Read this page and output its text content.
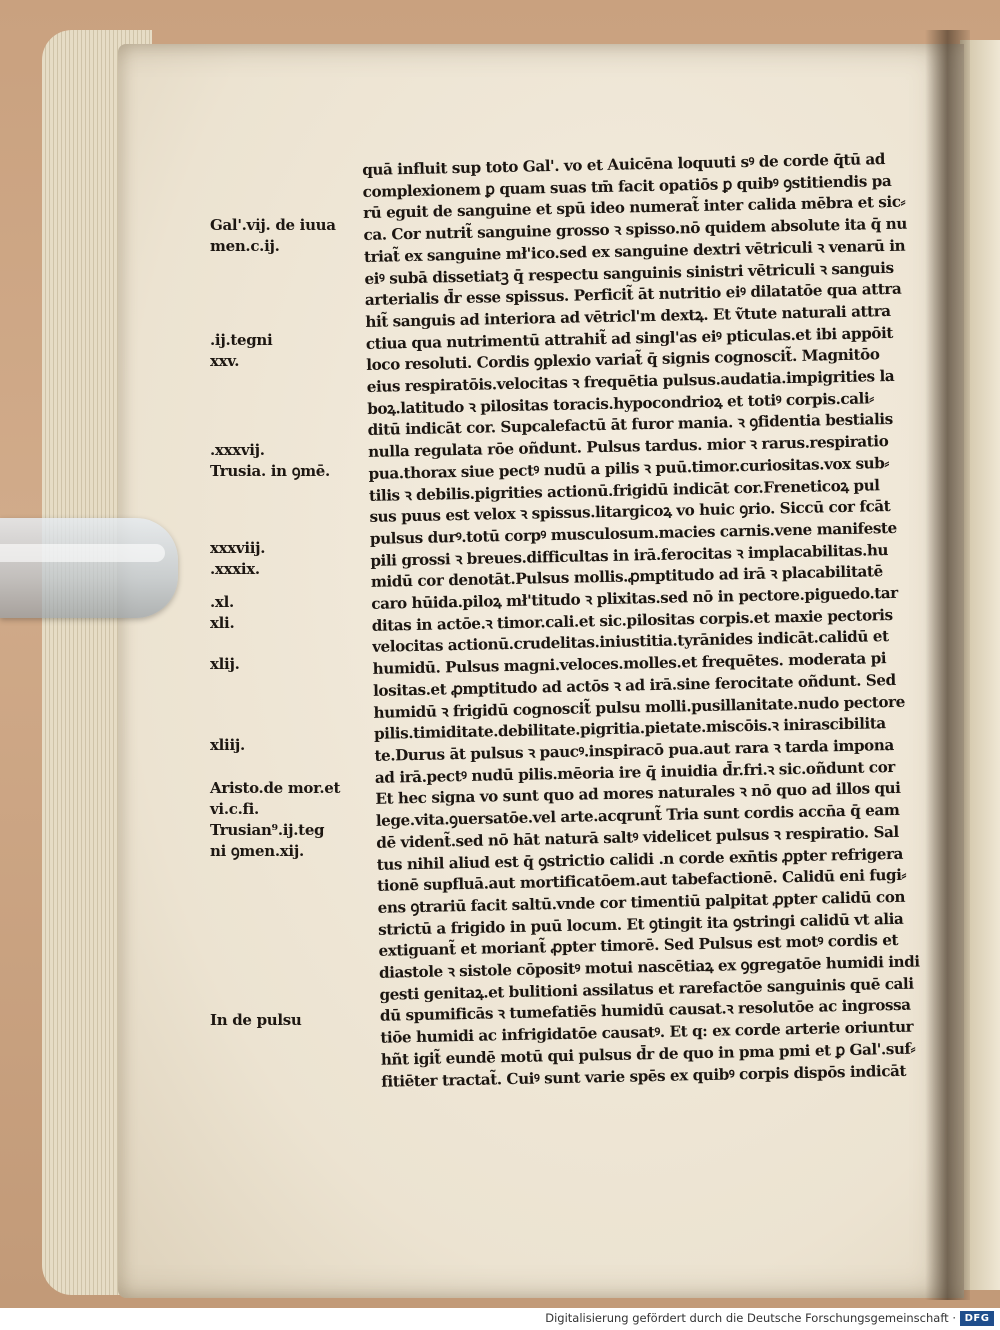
Gal'.vi̇j. de iuua
men.c.ij.
.ij.tegni
xxv.
.xxxvij.
Trusia. in ꝯmē.
xxxviij.
.xxxix.
.xl.
xli.
xlij.
xliij.
Aristo.de mor.et
vi.c.fi.
Trusian⁹.ij.teg
ni ꝯmen.xij.
In de pulsu
quā influit sup toto Gal'. vo et Auicēna loquuti sꝰ de corde q̄tū ad
complexionem ꝑ quam suas tm̄ facit opatiōs ꝑ quibꝰ ꝯstitiendis pa
rū eguit de sanguine et spū ideo numerat̃ inter calida mēbra et sic⸗
ca. Cor nutrit̃ sanguine grosso ꝛ spisso.nō quidem absolute ita q̄ nu
triat̃ ex sanguine mł'ico.sed ex sanguine dextri vētriculi ꝛ venarū in
eiꝰ subā dissetiatꝫ q̄ respectu sanguinis sinistri vētriculi ꝛ sanguis
arterialis d̄r esse spissus. Perficit̃ āt nutritio eiꝰ dilatatōe qua attra
hit̃ sanguis ad interiora ad vētricl'm dextꝝ. Et ṽtute naturali attra
ctiua qua nutrimentū attrahit̃ ad singl'as eiꝰ pticulas.et ibi appōit
loco resoluti. Cordis ꝯplexio variat̃ q̄ signis cognoscit̃. Magnitōo
eius respiratōis.velocitas ꝛ frequētia pulsus.audatia.impigrities la
boꝝ.latitudo ꝛ pilositas toracis.hypocondrioꝝ et totiꝰ corpis.cali⸗
ditū indicāt cor. Supcalefactū āt furor mania. ꝛ ꝯfidentia bestialis
nulla regulata rōe oñdunt. Pulsus tardus. mior ꝛ rarus.respiratio
pua.thorax siue pectꝰ nudū a pilis ꝛ puū.timor.curiositas.vox sub⸗
tilis ꝛ debilis.pigrities actionū.frigidū indicāt cor.Freneticoꝝ pul
sus puus est velox ꝛ spissus.litargicoꝝ vo huic ꝯrio. Siccū cor fcāt
pulsus durꝰ.totū corpꝰ musculosum.macies carnis.vene manifeste
pili grossi ꝛ breues.difficultas in irā.ferocitas ꝛ implacabilitas.hu
midū cor denotāt.Pulsus mollis.ꝓmptitudo ad irā ꝛ placabilitatē
caro hūida.piloꝝ mł'titudo ꝛ plixitas.sed nō in pectore.piguedo.tar
ditas in actōe.ꝛ timor.cali.et sic.pilositas corpis.et maxie pectoris
velocitas actionū.crudelitas.iniustitia.tyrānides indicāt.calidū et
humidū. Pulsus magni.veloces.molles.et frequētes. moderata pi
lositas.et ꝓmptitudo ad actōs ꝛ ad irā.sine ferocitate oñdunt. Sed
humidū ꝛ frigidū cognoscit̃ pulsu molli.pusillanitate.nudo pectore
pilis.timiditate.debilitate.pigritia.pietate.miscōis.ꝛ inirascibilita
te.Durus āt pulsus ꝛ paucꝰ.inspiracō pua.aut rara ꝛ tarda impona
ad irā.pectꝰ nudū pilis.mēoria ire q̄ inuidia d̄r.fri.ꝛ sic.oñdunt cor
Et hec signa vo sunt quo ad mores naturales ꝛ nō quo ad illos qui
lege.vita.ꝯuersatōe.vel arte.acqrunt̃ Tria sunt cordis accn̄a q̄ eam
dē vident̃.sed nō hāt naturā saltꝰ videlicet pulsus ꝛ respiratio. Sal
tus nihil aliud est q̄ ꝯstrictio calidi .n corde exn̄tis ꝓpter refrigera
tionē supfluā.aut mortificatōem.aut tabefactionē. Calidū eni fugi⸗
ens ꝯtrariū facit saltū.vnde cor timentiū palpitat ꝓpter calidū con
strictū a frigido in puū locum. Et ꝯtingit ita ꝯstringi calidū vt alia
extiguant̃ et moriant̃ ꝓpter timorē. Sed Pulsus est motꝰ cordis et
diastole ꝛ sistole cōpositꝰ motui nascētiaꝝ ex ꝯgregatōe humidi indi
gesti genitaꝝ.et bulitioni assilatus et rarefactōe sanguinis quē cali
dū spumificās ꝛ tumefatiēs humidū causat.ꝛ resolutōe ac ingrossa
tiōe humidi ac infrigidatōe causatꝰ. Et q: ex corde arterie oriuntur
hñt igit̃ eundē motū qui pulsus d̄r de quo in pma pmi et ꝑ Gal'.suf⸗
fitiēter tractat̃. Cuiꝰ sunt varie spēs ex quibꝰ corpis dispōs indicāt
Digitalisierung gefördert durch die Deutsche Forschungsgemeinschaft · DFG
